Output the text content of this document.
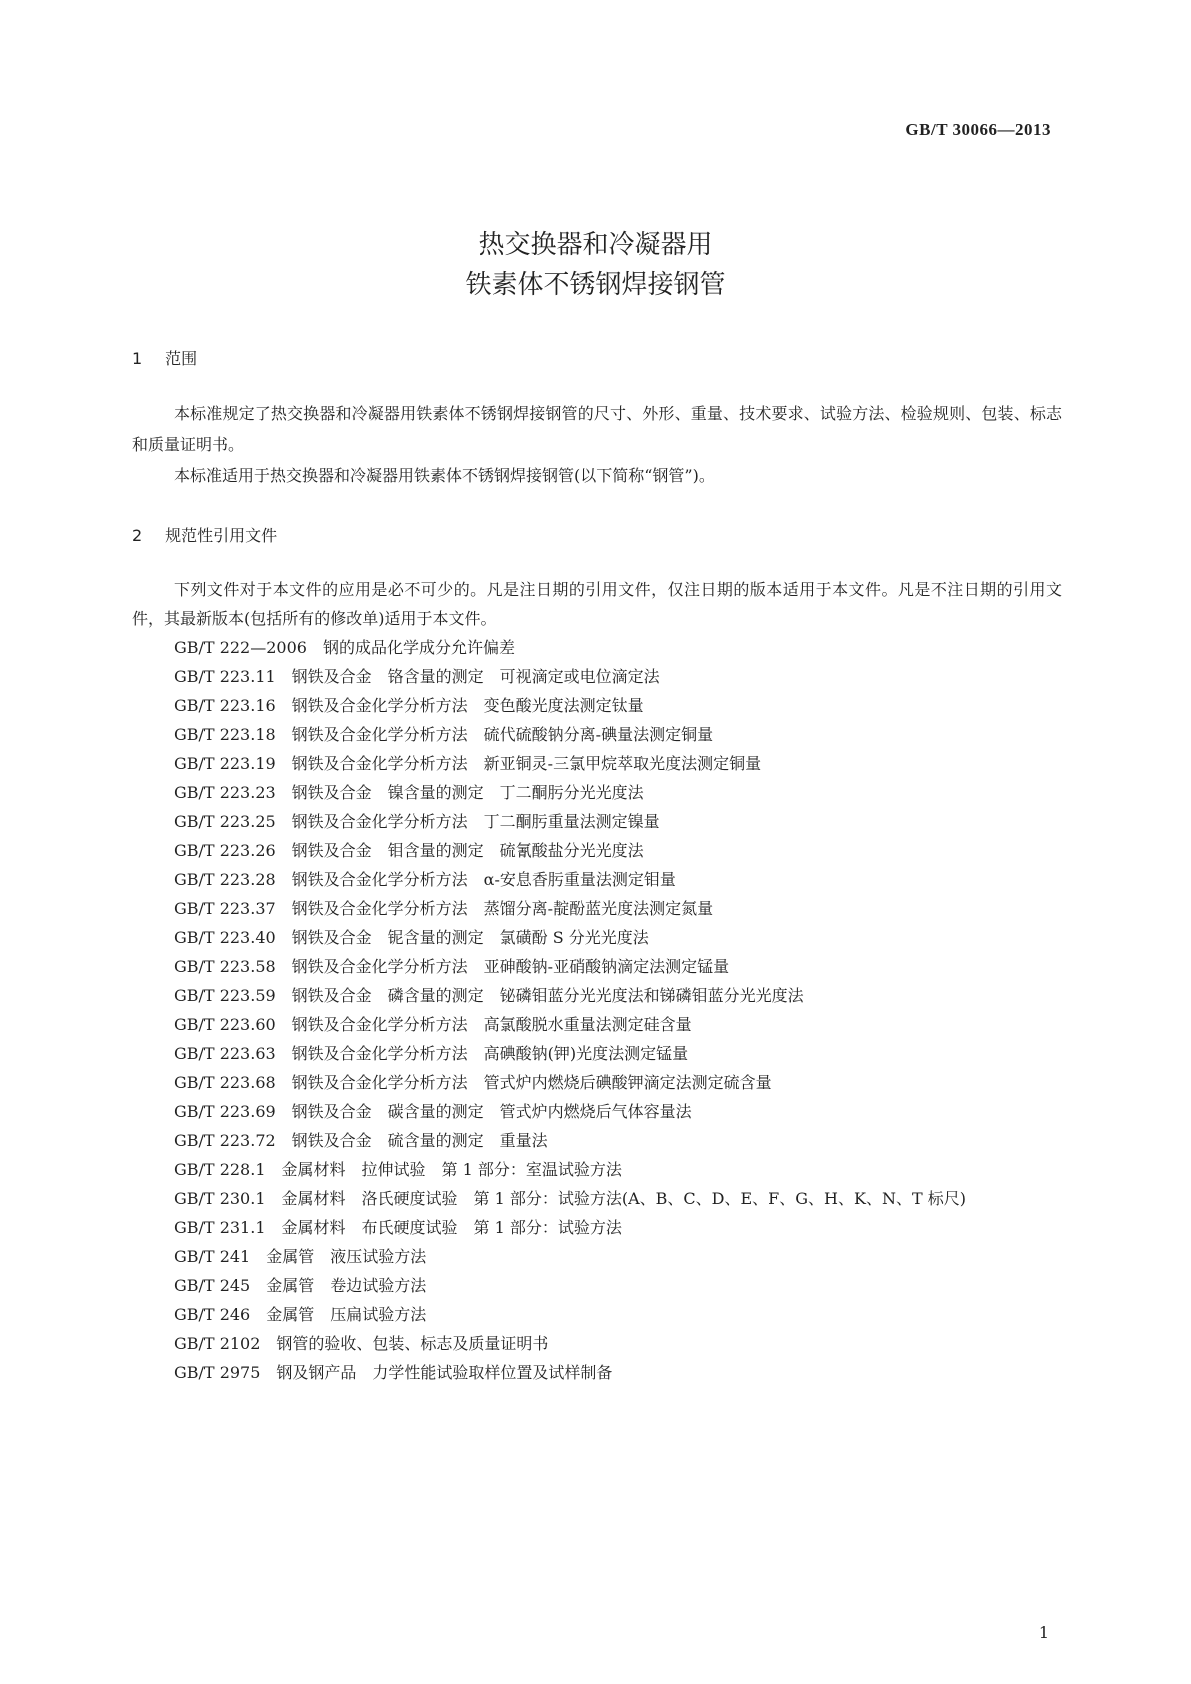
GB/T 30066—2013
热交换器和冷凝器用
铁素体不锈钢焊接钢管
1 范围

本标准规定了热交换器和冷凝器用铁素体不锈钢焊接钢管的尺寸、外形、重量、技术要求、试验方法、检验规则、包装、标志和质量证明书。

本标准适用于热交换器和冷凝器用铁素体不锈钢焊接钢管(以下简称“钢管”)。

2 规范性引用文件

下列文件对于本文件的应用是必不可少的。凡是注日期的引用文件，仅注日期的版本适用于本文件。凡是不注日期的引用文件，其最新版本(包括所有的修改单)适用于本文件。

GB/T 222—2006　钢的成品化学成分允许偏差

GB/T 223.11　钢铁及合金　铬含量的测定　可视滴定或电位滴定法

GB/T 223.16　钢铁及合金化学分析方法　变色酸光度法测定钛量

GB/T 223.18　钢铁及合金化学分析方法　硫代硫酸钠分离-碘量法测定铜量

GB/T 223.19　钢铁及合金化学分析方法　新亚铜灵-三氯甲烷萃取光度法测定铜量

GB/T 223.23　钢铁及合金　镍含量的测定　丁二酮肟分光光度法

GB/T 223.25　钢铁及合金化学分析方法　丁二酮肟重量法测定镍量

GB/T 223.26　钢铁及合金　钼含量的测定　硫氰酸盐分光光度法

GB/T 223.28　钢铁及合金化学分析方法　α-安息香肟重量法测定钼量

GB/T 223.37　钢铁及合金化学分析方法　蒸馏分离-靛酚蓝光度法测定氮量

GB/T 223.40　钢铁及合金　铌含量的测定　氯磺酚 S 分光光度法

GB/T 223.58　钢铁及合金化学分析方法　亚砷酸钠-亚硝酸钠滴定法测定锰量

GB/T 223.59　钢铁及合金　磷含量的测定　铋磷钼蓝分光光度法和锑磷钼蓝分光光度法

GB/T 223.60　钢铁及合金化学分析方法　高氯酸脱水重量法测定硅含量

GB/T 223.63　钢铁及合金化学分析方法　高碘酸钠(钾)光度法测定锰量

GB/T 223.68　钢铁及合金化学分析方法　管式炉内燃烧后碘酸钾滴定法测定硫含量

GB/T 223.69　钢铁及合金　碳含量的测定　管式炉内燃烧后气体容量法

GB/T 223.72　钢铁及合金　硫含量的测定　重量法

GB/T 228.1　金属材料　拉伸试验　第 1 部分：室温试验方法

GB/T 230.1　金属材料　洛氏硬度试验　第 1 部分：试验方法(A、B、C、D、E、F、G、H、K、N、T 标尺)

GB/T 231.1　金属材料　布氏硬度试验　第 1 部分：试验方法

GB/T 241　金属管　液压试验方法

GB/T 245　金属管　卷边试验方法

GB/T 246　金属管　压扁试验方法

GB/T 2102　钢管的验收、包装、标志及质量证明书

GB/T 2975　钢及钢产品　力学性能试验取样位置及试样制备

1
